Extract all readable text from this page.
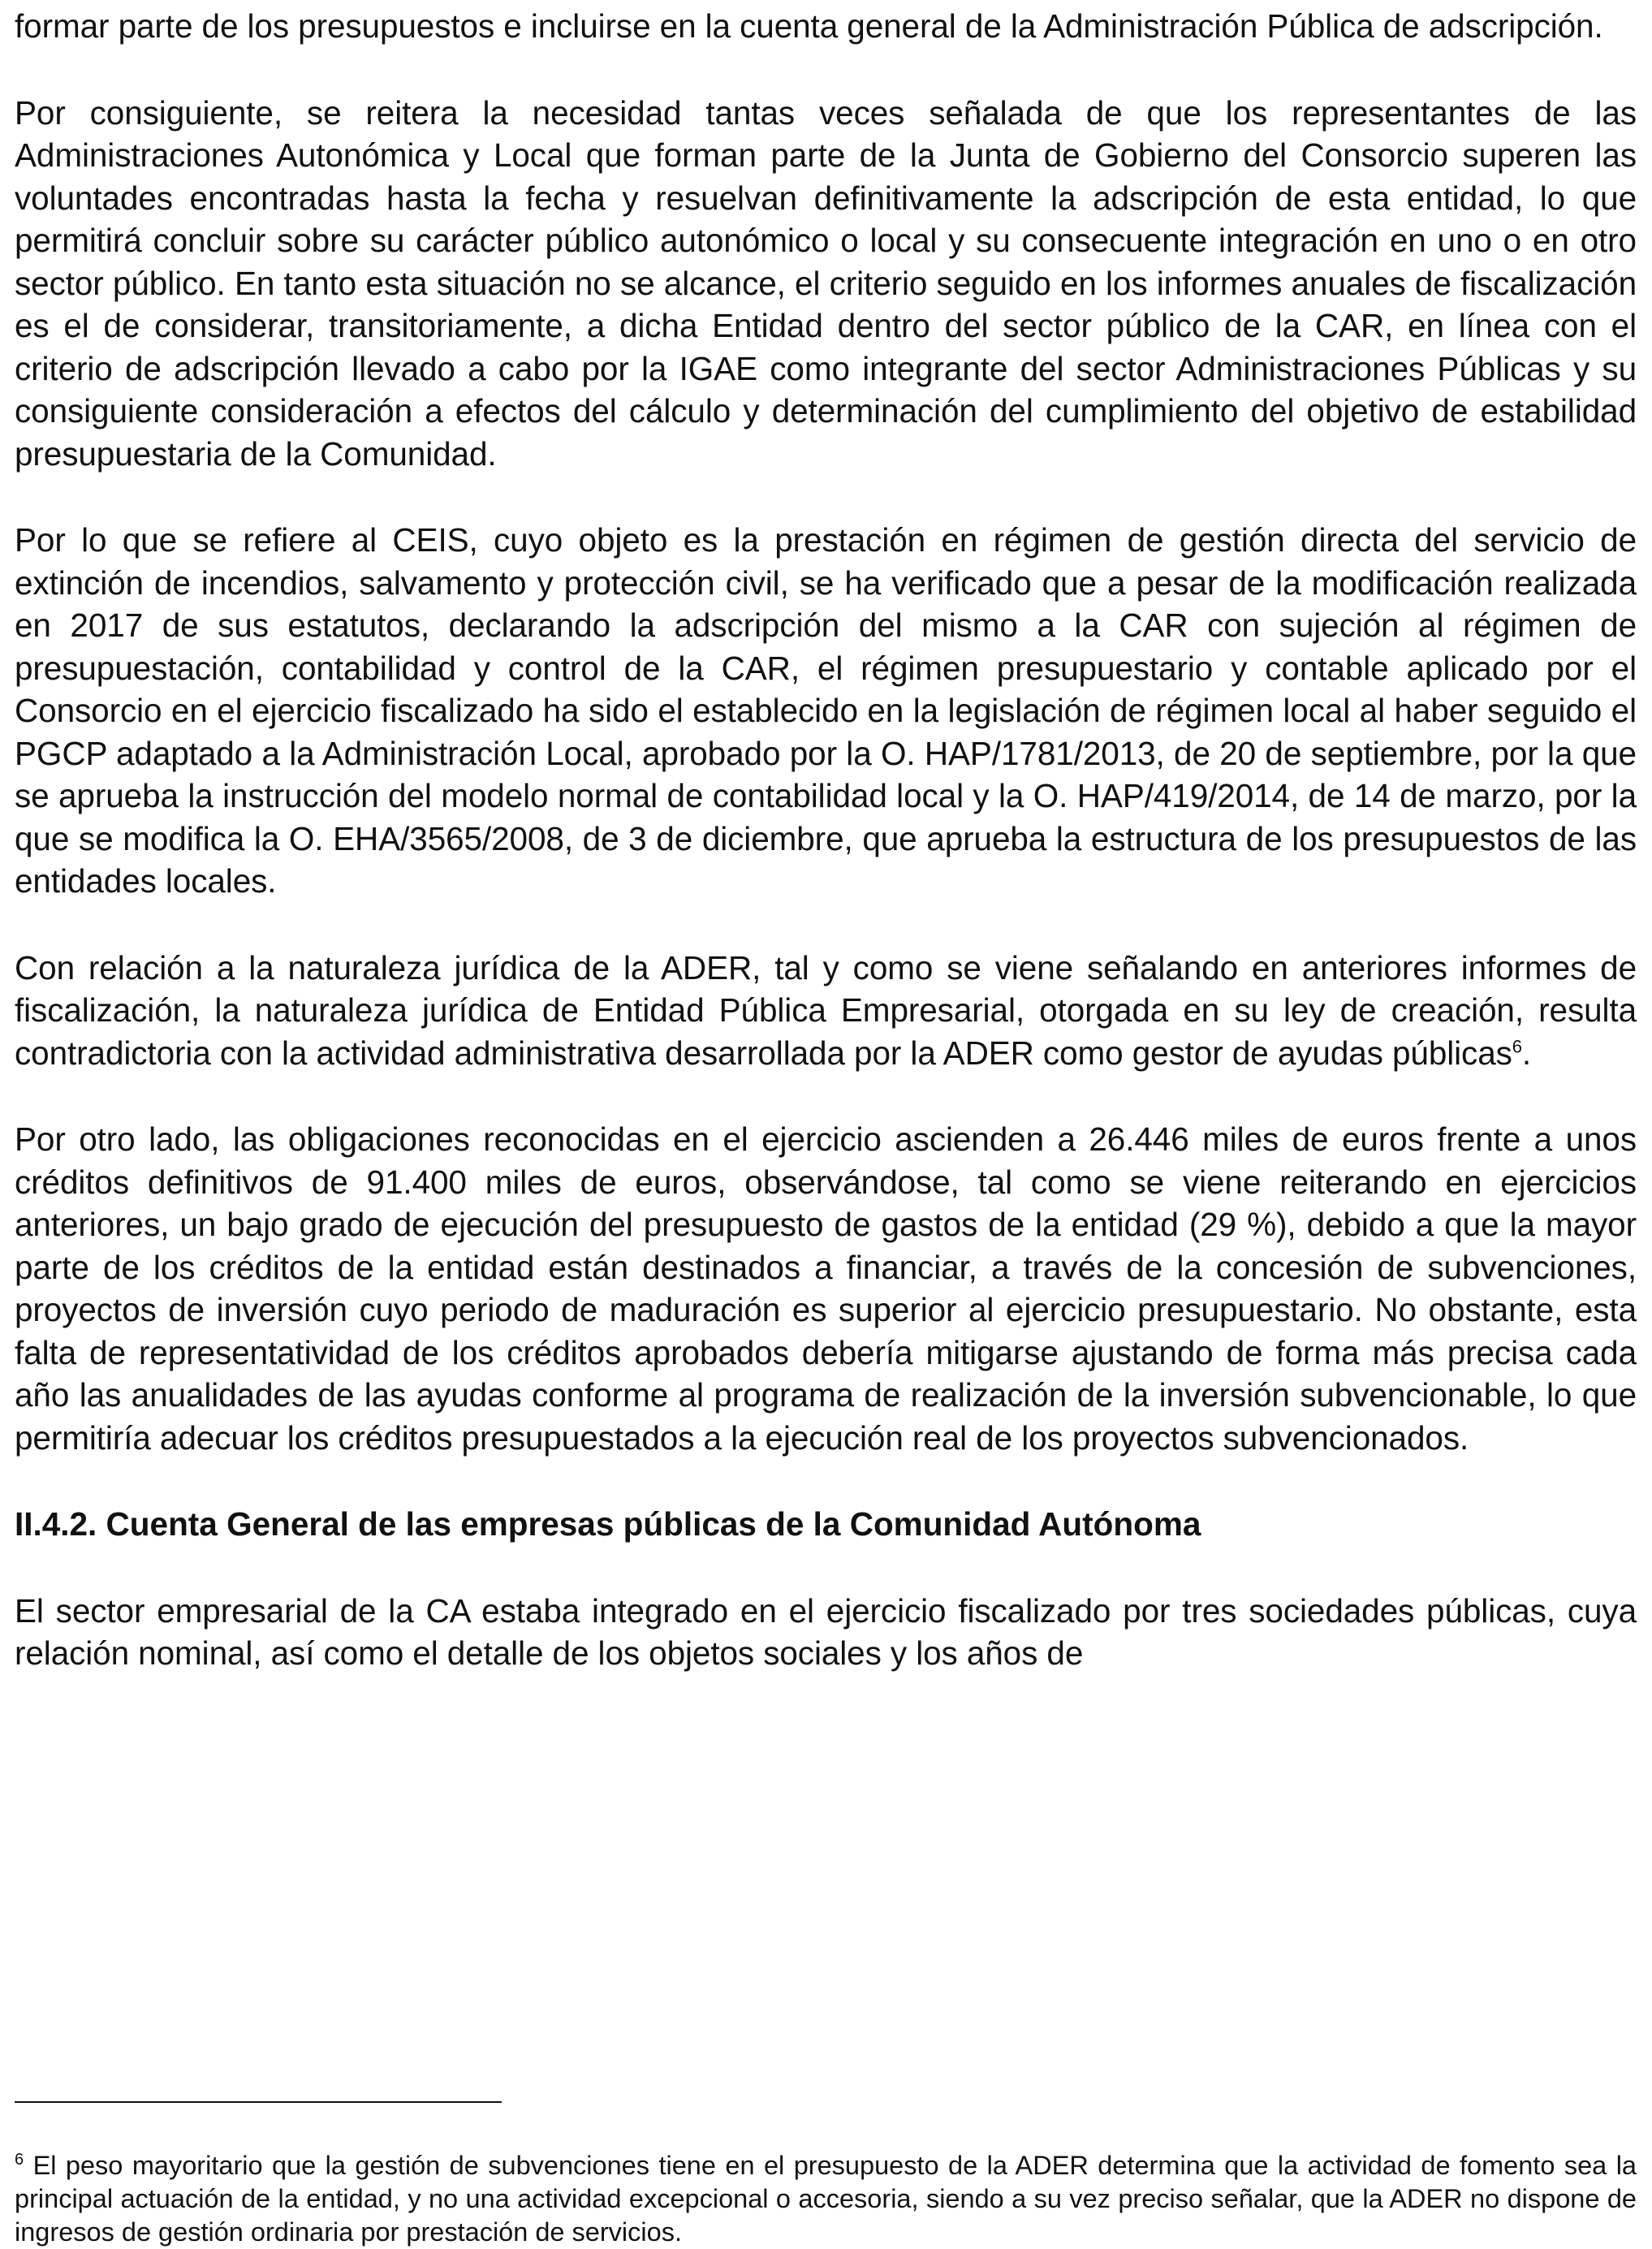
formar parte de los presupuestos e incluirse en la cuenta general de la Administración Pública de adscripción.

Por consiguiente, se reitera la necesidad tantas veces señalada de que los representantes de las Administraciones Autonómica y Local que forman parte de la Junta de Gobierno del Consorcio superen las voluntades encontradas hasta la fecha y resuelvan definitivamente la adscripción de esta entidad, lo que permitirá concluir sobre su carácter público autonómico o local y su consecuente integración en uno o en otro sector público. En tanto esta situación no se alcance, el criterio seguido en los informes anuales de fiscalización es el de considerar, transitoriamente, a dicha Entidad dentro del sector público de la CAR, en línea con el criterio de adscripción llevado a cabo por la IGAE como integrante del sector Administraciones Públicas y su consiguiente consideración a efectos del cálculo y determinación del cumplimiento del objetivo de estabilidad presupuestaria de la Comunidad.

Por lo que se refiere al CEIS, cuyo objeto es la prestación en régimen de gestión directa del servicio de extinción de incendios, salvamento y protección civil, se ha verificado que a pesar de la modificación realizada en 2017 de sus estatutos, declarando la adscripción del mismo a la CAR con sujeción al régimen de presupuestación, contabilidad y control de la CAR, el régimen presupuestario y contable aplicado por el Consorcio en el ejercicio fiscalizado ha sido el establecido en la legislación de régimen local al haber seguido el PGCP adaptado a la Administración Local, aprobado por la O. HAP/1781/2013, de 20 de septiembre, por la que se aprueba la instrucción del modelo normal de contabilidad local y la O. HAP/419/2014, de 14 de marzo, por la que se modifica la O. EHA/3565/2008, de 3 de diciembre, que aprueba la estructura de los presupuestos de las entidades locales.

Con relación a la naturaleza jurídica de la ADER, tal y como se viene señalando en anteriores informes de fiscalización, la naturaleza jurídica de Entidad Pública Empresarial, otorgada en su ley de creación, resulta contradictoria con la actividad administrativa desarrollada por la ADER como gestor de ayudas públicas$^6$.

Por otro lado, las obligaciones reconocidas en el ejercicio ascienden a 26.446 miles de euros frente a unos créditos definitivos de 91.400 miles de euros, observándose, tal como se viene reiterando en ejercicios anteriores, un bajo grado de ejecución del presupuesto de gastos de la entidad (29 %), debido a que la mayor parte de los créditos de la entidad están destinados a financiar, a través de la concesión de subvenciones, proyectos de inversión cuyo periodo de maduración es superior al ejercicio presupuestario. No obstante, esta falta de representatividad de los créditos aprobados debería mitigarse ajustando de forma más precisa cada año las anualidades de las ayudas conforme al programa de realización de la inversión subvencionable, lo que permitiría adecuar los créditos presupuestados a la ejecución real de los proyectos subvencionados.

II.4.2. Cuenta General de las empresas públicas de la Comunidad Autónoma

El sector empresarial de la CA estaba integrado en el ejercicio fiscalizado por tres sociedades públicas, cuya relación nominal, así como el detalle de los objetos sociales y los años de

$^6$ El peso mayoritario que la gestión de subvenciones tiene en el presupuesto de la ADER determina que la actividad de fomento sea la principal actuación de la entidad, y no una actividad excepcional o accesoria, siendo a su vez preciso señalar, que la ADER no dispone de ingresos de gestión ordinaria por prestación de servicios.
